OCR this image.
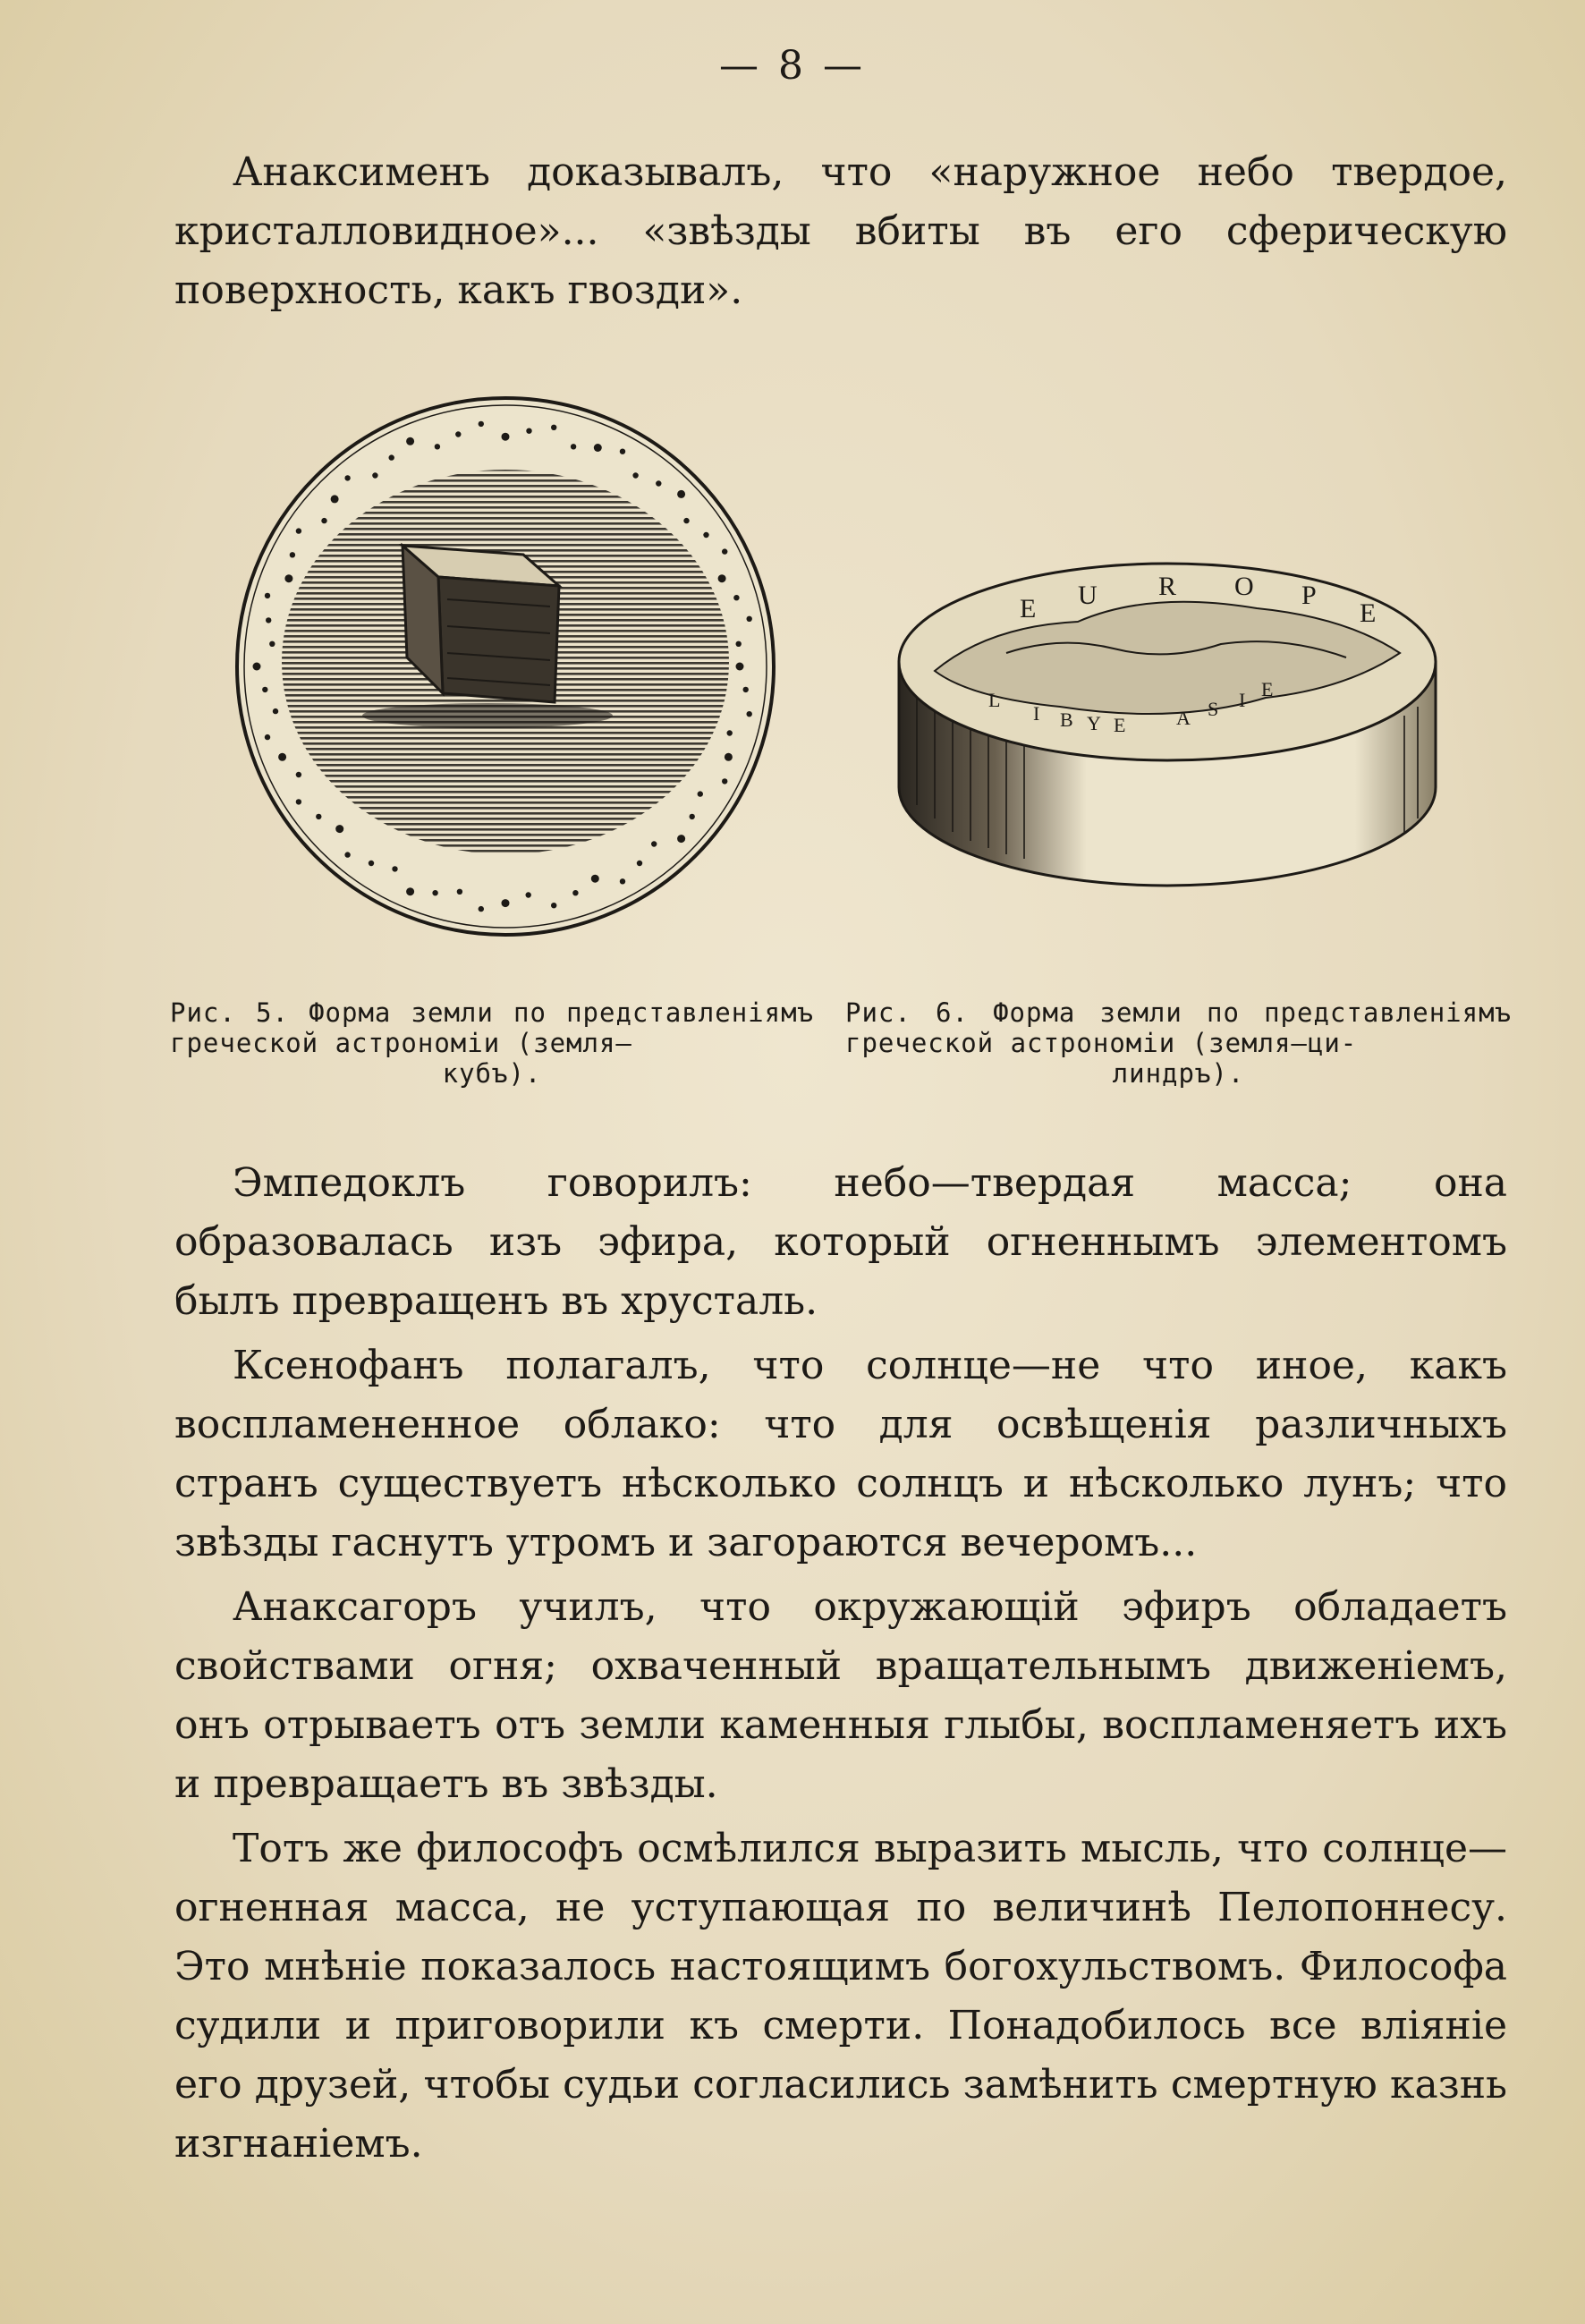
— 8 —

Анаксименъ доказывалъ, что «наружное небо твердое, кристалловидное»... «звѣзды вбиты въ его сферическую поверхность, какъ гвозди».

E U R O P
E
L
I B Y E	A S I E
Рис. 5. Форма земли по представленіямъ греческой астрономіи (земля—
кубъ).
Рис. 6. Форма земли по представленіямъ греческой астрономіи (земля—ци-
линдръ).

Эмпедоклъ говорилъ: небо—твердая масса; она образовалась изъ эфира, который огненнымъ элементомъ былъ превращенъ въ хрусталь.

Ксенофанъ полагалъ, что солнце—не что иное, какъ воспламененное облако: что для освѣщенія различныхъ странъ существуетъ нѣсколько солнцъ и нѣсколько лунъ; что звѣзды гаснутъ утромъ и загораются вечеромъ...

Анаксагоръ училъ, что окружающій эфиръ обладаетъ свойствами огня; охваченный вращательнымъ движеніемъ, онъ отрываетъ отъ земли каменныя глыбы, воспламеняетъ ихъ и превращаетъ въ звѣзды.

Тотъ же философъ осмѣлился выразить мысль, что солнце—огненная масса, не уступающая по величинѣ Пелопоннесу. Это мнѣніе показалось настоящимъ богохульствомъ. Философа судили и приговорили къ смерти. Понадобилось все вліяніе его друзей, чтобы судьи согласились замѣнить смертную казнь изгнаніемъ.
